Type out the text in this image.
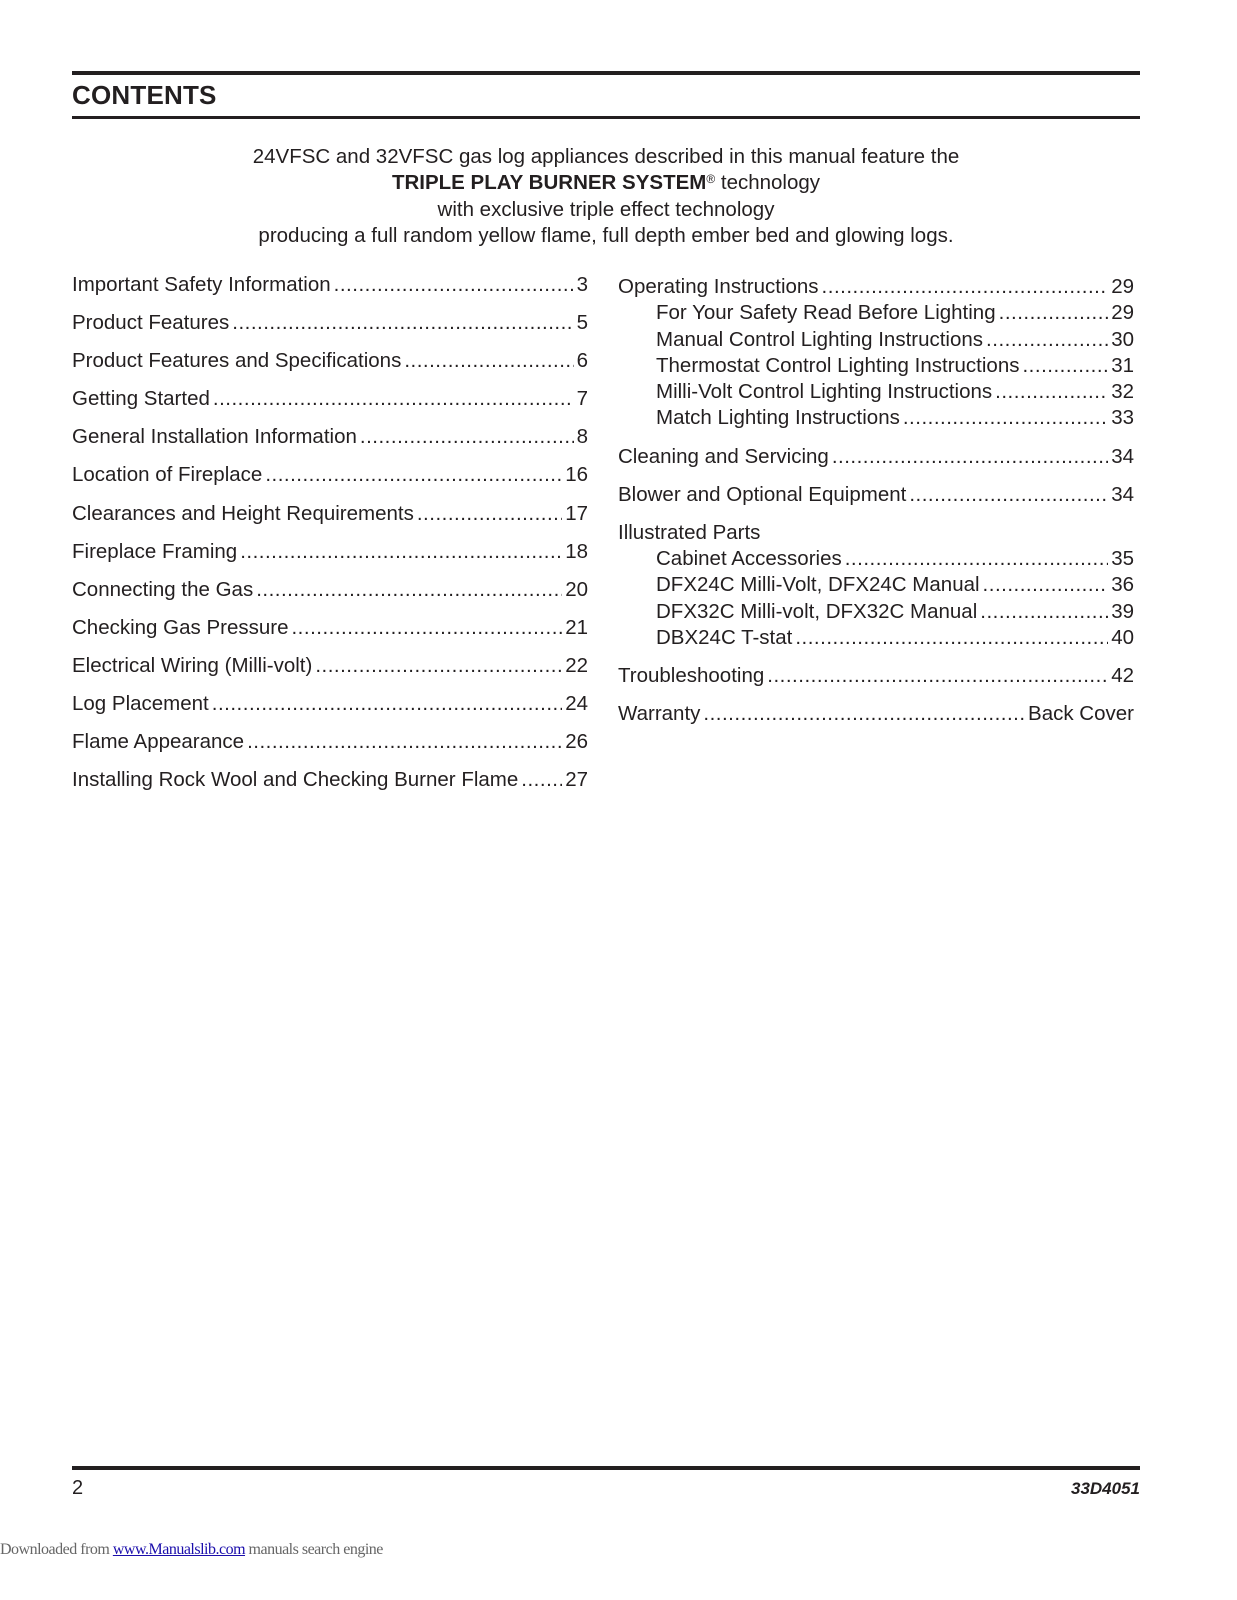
CONTENTS
24VFSC and 32VFSC gas log appliances described in this manual feature the
TRIPLE PLAY BURNER SYSTEM® technology
with exclusive triple effect technology
producing a full random yellow flame, full depth ember bed and glowing logs.
Important Safety Information .....	3
Product Features .....	5
Product Features and Specifications .....	6
Getting Started .....	7
General Installation Information .....	8
Location of Fireplace .....	16
Clearances and Height Requirements .....	17
Fireplace Framing .....	18
Connecting the Gas .....	20
Checking Gas Pressure .....	21
Electrical Wiring (Milli-volt) .....	22
Log Placement .....	24
Flame Appearance .....	26
Installing Rock Wool and Checking Burner Flame ..... 27
Operating Instructions .....	29
For Your Safety Read Before Lighting .....	29
Manual Control Lighting Instructions .....	30
Thermostat Control Lighting Instructions .....	31
Milli-Volt Control Lighting Instructions .....	32
Match Lighting Instructions .....	33
Cleaning and Servicing .....	34
Blower and Optional Equipment .....	34
Illustrated Parts
Cabinet Accessories .....	35
DFX24C Milli-Volt, DFX24C Manual .....	36
DFX32C Milli-volt, DFX32C Manual .....	39
DBX24C T-stat .....	40
Troubleshooting .....	42
Warranty .....	Back Cover
2	33D4051
Downloaded from www.Manualslib.com manuals search engine
